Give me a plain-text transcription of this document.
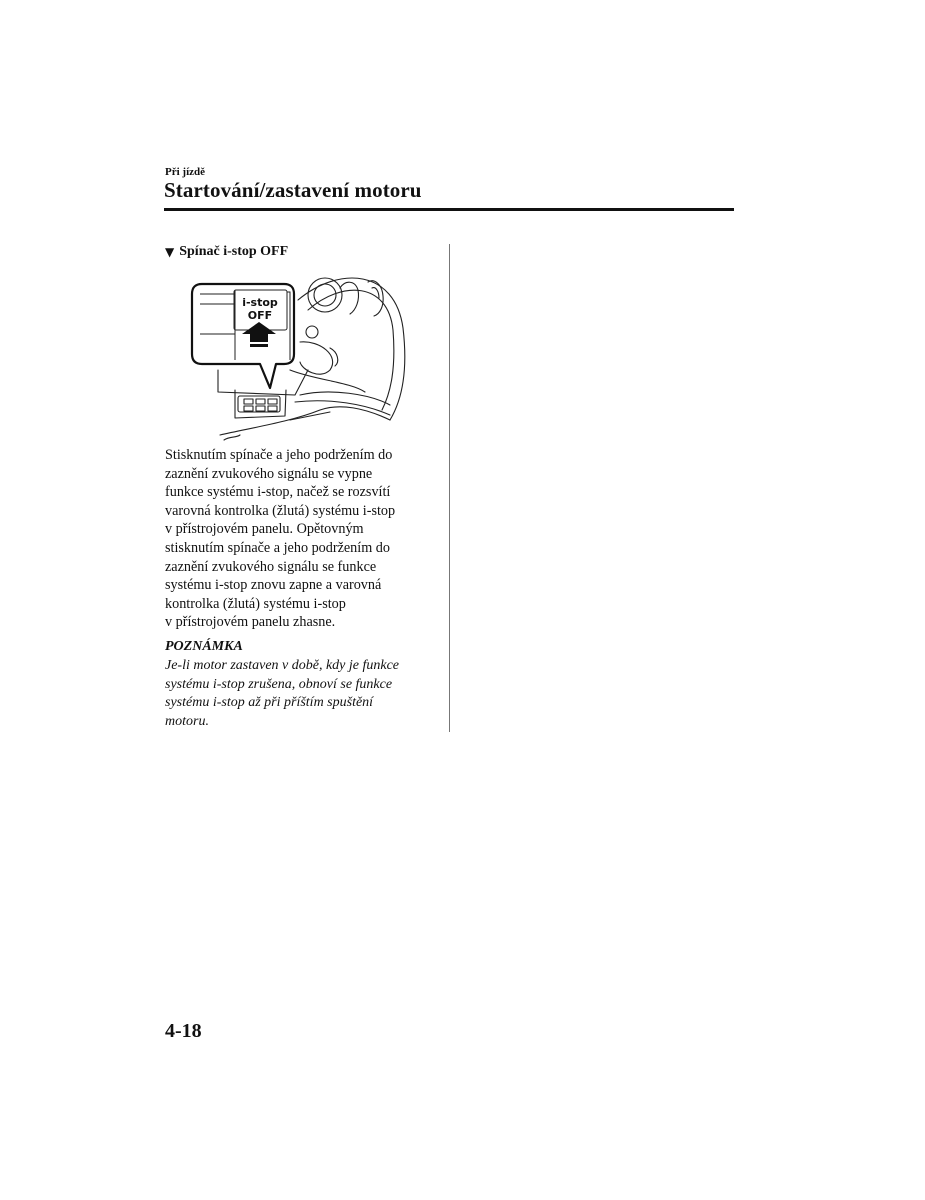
Při jízdě
Startování/zastavení motoru
▼ Spínač i-stop OFF
i-stop
OFF
Stisknutím spínače a jeho podržením do
zaznění zvukového signálu se vypne
funkce systému i-stop, načež se rozsvítí
varovná kontrolka (žlutá) systému i-stop
v přístrojovém panelu. Opětovným
stisknutím spínače a jeho podržením do
zaznění zvukového signálu se funkce
systému i-stop znovu zapne a varovná
kontrolka (žlutá) systému i-stop
v přístrojovém panelu zhasne.
POZNÁMKA
Je-li motor zastaven v době, kdy je funkce
systému i-stop zrušena, obnoví se funkce
systému i-stop až při příštím spuštění
motoru.
4-18
